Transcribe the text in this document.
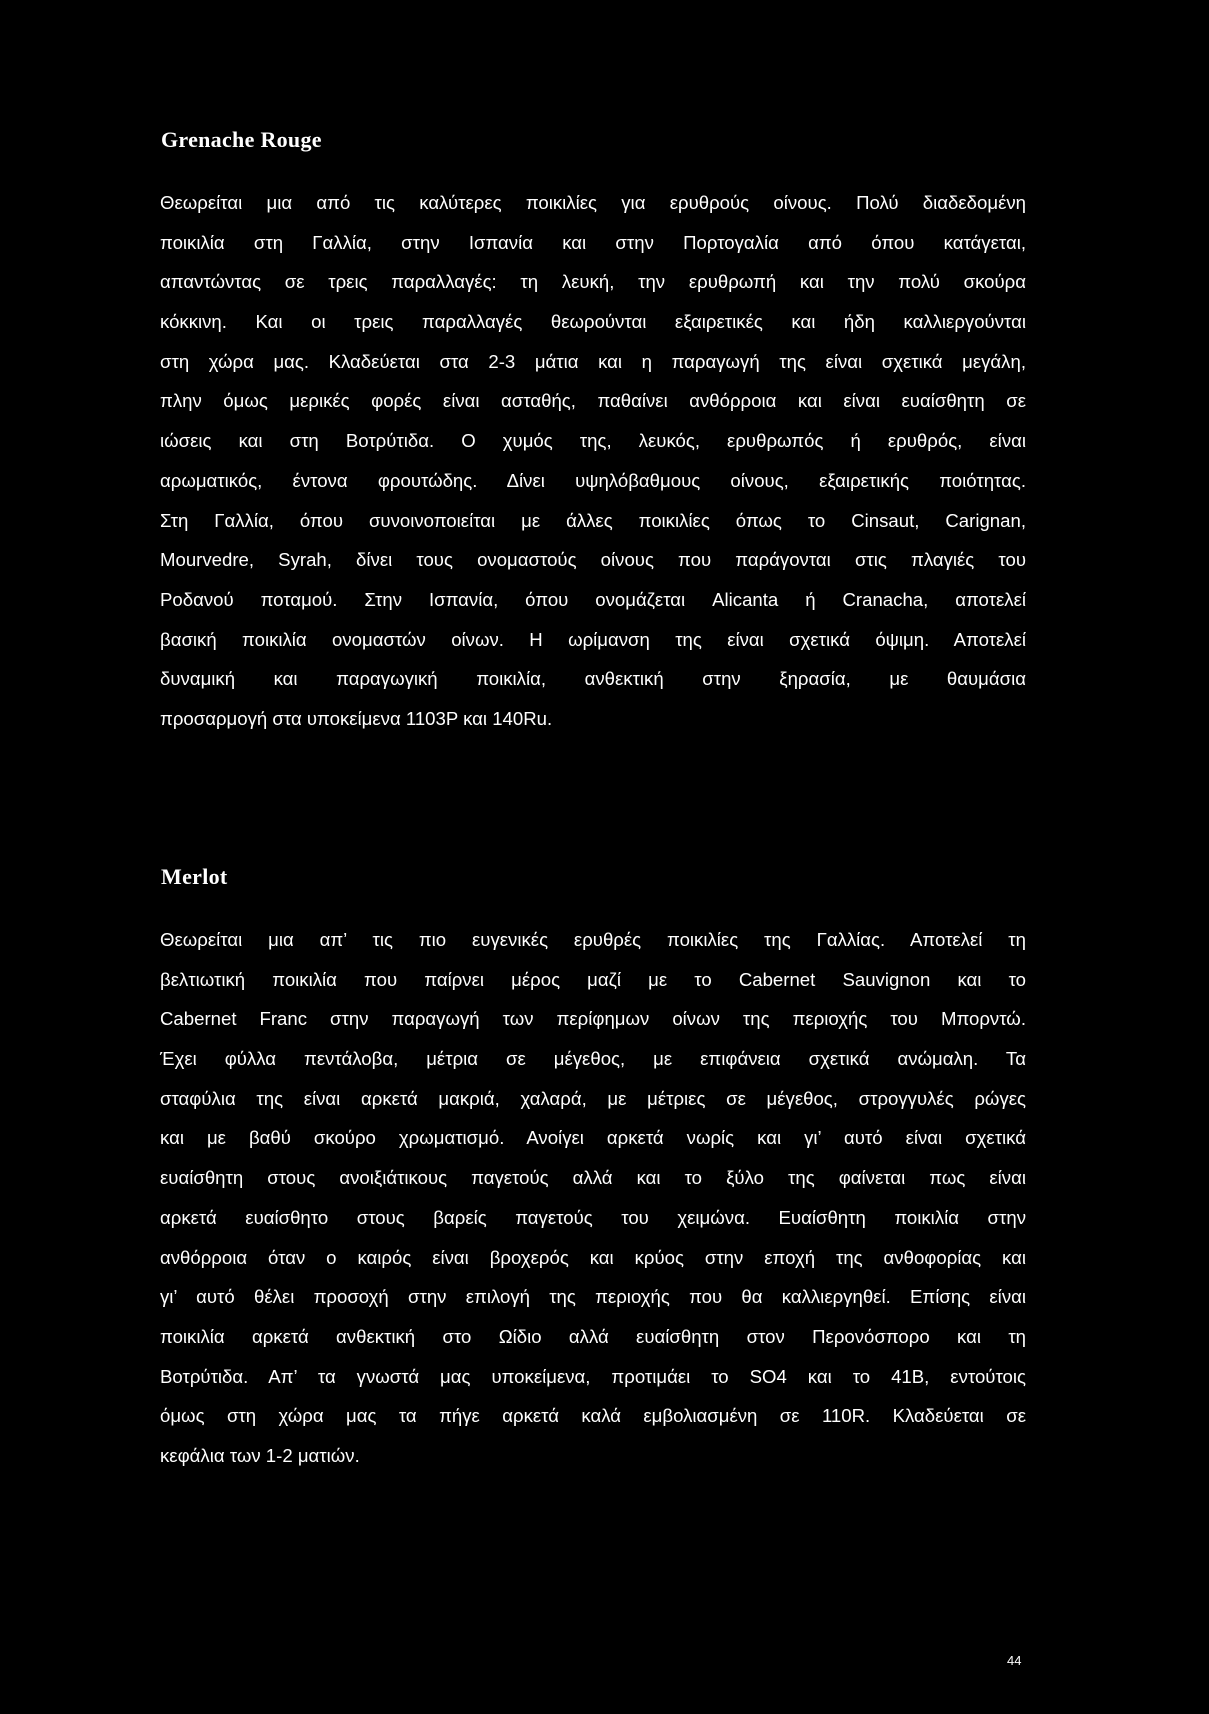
Grenache Rouge
Θεωρείται μια από τις καλύτερες ποικιλίες για ερυθρούς οίνους. Πολύ διαδεδομένη
ποικιλία στη Γαλλία, στην Ισπανία και στην Πορτογαλία από όπου κατάγεται,
απαντώντας σε τρεις παραλλαγές: τη λευκή, την ερυθρωπή και την πολύ σκούρα
κόκκινη. Και οι τρεις παραλλαγές θεωρούνται εξαιρετικές και ήδη καλλιεργούνται
στη χώρα μας. Κλαδεύεται στα 2-3 μάτια και η παραγωγή της είναι σχετικά μεγάλη,
πλην όμως μερικές φορές είναι ασταθής, παθαίνει ανθόρροια και είναι ευαίσθητη σε
ιώσεις και στη Βοτρύτιδα. Ο χυμός της, λευκός, ερυθρωπός ή ερυθρός, είναι
αρωματικός, έντονα φρουτώδης. Δίνει υψηλόβαθμους οίνους, εξαιρετικής ποιότητας.
Στη Γαλλία, όπου συνοινοποιείται με άλλες ποικιλίες όπως το Cinsaut, Carignan,
Mourvedre, Syrah, δίνει τους ονομαστούς οίνους που παράγονται στις πλαγιές του
Ροδανού ποταμού. Στην Ισπανία, όπου ονομάζεται Alicanta ή Cranacha, αποτελεί
βασική ποικιλία ονομαστών οίνων. Η ωρίμανση της είναι σχετικά όψιμη. Αποτελεί
δυναμική και παραγωγική ποικιλία, ανθεκτική στην ξηρασία, με θαυμάσια
προσαρμογή στα υποκείμενα 1103P και 140Ru.
Merlot
Θεωρείται μια απ’ τις πιο ευγενικές ερυθρές ποικιλίες της Γαλλίας. Αποτελεί τη
βελτιωτική ποικιλία που παίρνει μέρος μαζί με το Cabernet Sauvignon και το
Cabernet Franc στην παραγωγή των περίφημων οίνων της περιοχής του Μπορντώ.
Έχει φύλλα πεντάλοβα, μέτρια σε μέγεθος, με επιφάνεια σχετικά ανώμαλη. Τα
σταφύλια της είναι αρκετά μακριά, χαλαρά, με μέτριες σε μέγεθος, στρογγυλές ρώγες
και με βαθύ σκούρο χρωματισμό. Ανοίγει αρκετά νωρίς και γι’ αυτό είναι σχετικά
ευαίσθητη στους ανοιξιάτικους παγετούς αλλά και το ξύλο της φαίνεται πως είναι
αρκετά ευαίσθητο στους βαρείς παγετούς του χειμώνα. Ευαίσθητη ποικιλία στην
ανθόρροια όταν ο καιρός είναι βροχερός και κρύος στην εποχή της ανθοφορίας και
γι’ αυτό θέλει προσοχή στην επιλογή της περιοχής που θα καλλιεργηθεί. Επίσης είναι
ποικιλία αρκετά ανθεκτική στο Ωίδιο αλλά ευαίσθητη στον Περονόσπορο και τη
Βοτρύτιδα. Απ’ τα γνωστά μας υποκείμενα, προτιμάει το SO4 και το 41B, εντούτοις
όμως στη χώρα μας τα πήγε αρκετά καλά εμβολιασμένη σε 110R. Κλαδεύεται σε
κεφάλια των 1-2 ματιών.
44
